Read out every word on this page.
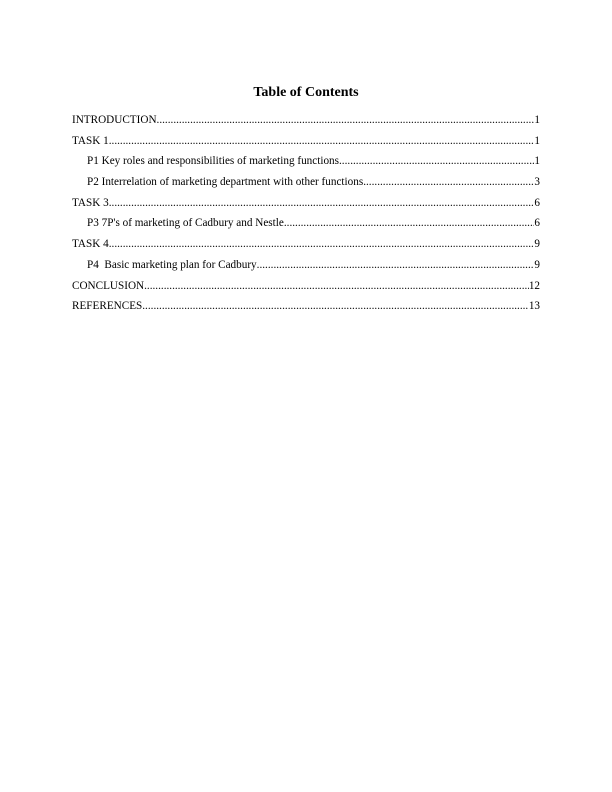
Table of Contents
INTRODUCTION .....	1
TASK 1 .....	1
P1 Key roles and responsibilities of marketing functions .....	1
P2 Interrelation of marketing department with other functions .....	3
TASK 3 .....	6
P3 7P's of marketing of Cadbury and Nestle .....	6
TASK 4 .....	9
P4  Basic marketing plan for Cadbury .....	9
CONCLUSION .....	12
REFERENCES .....	13
